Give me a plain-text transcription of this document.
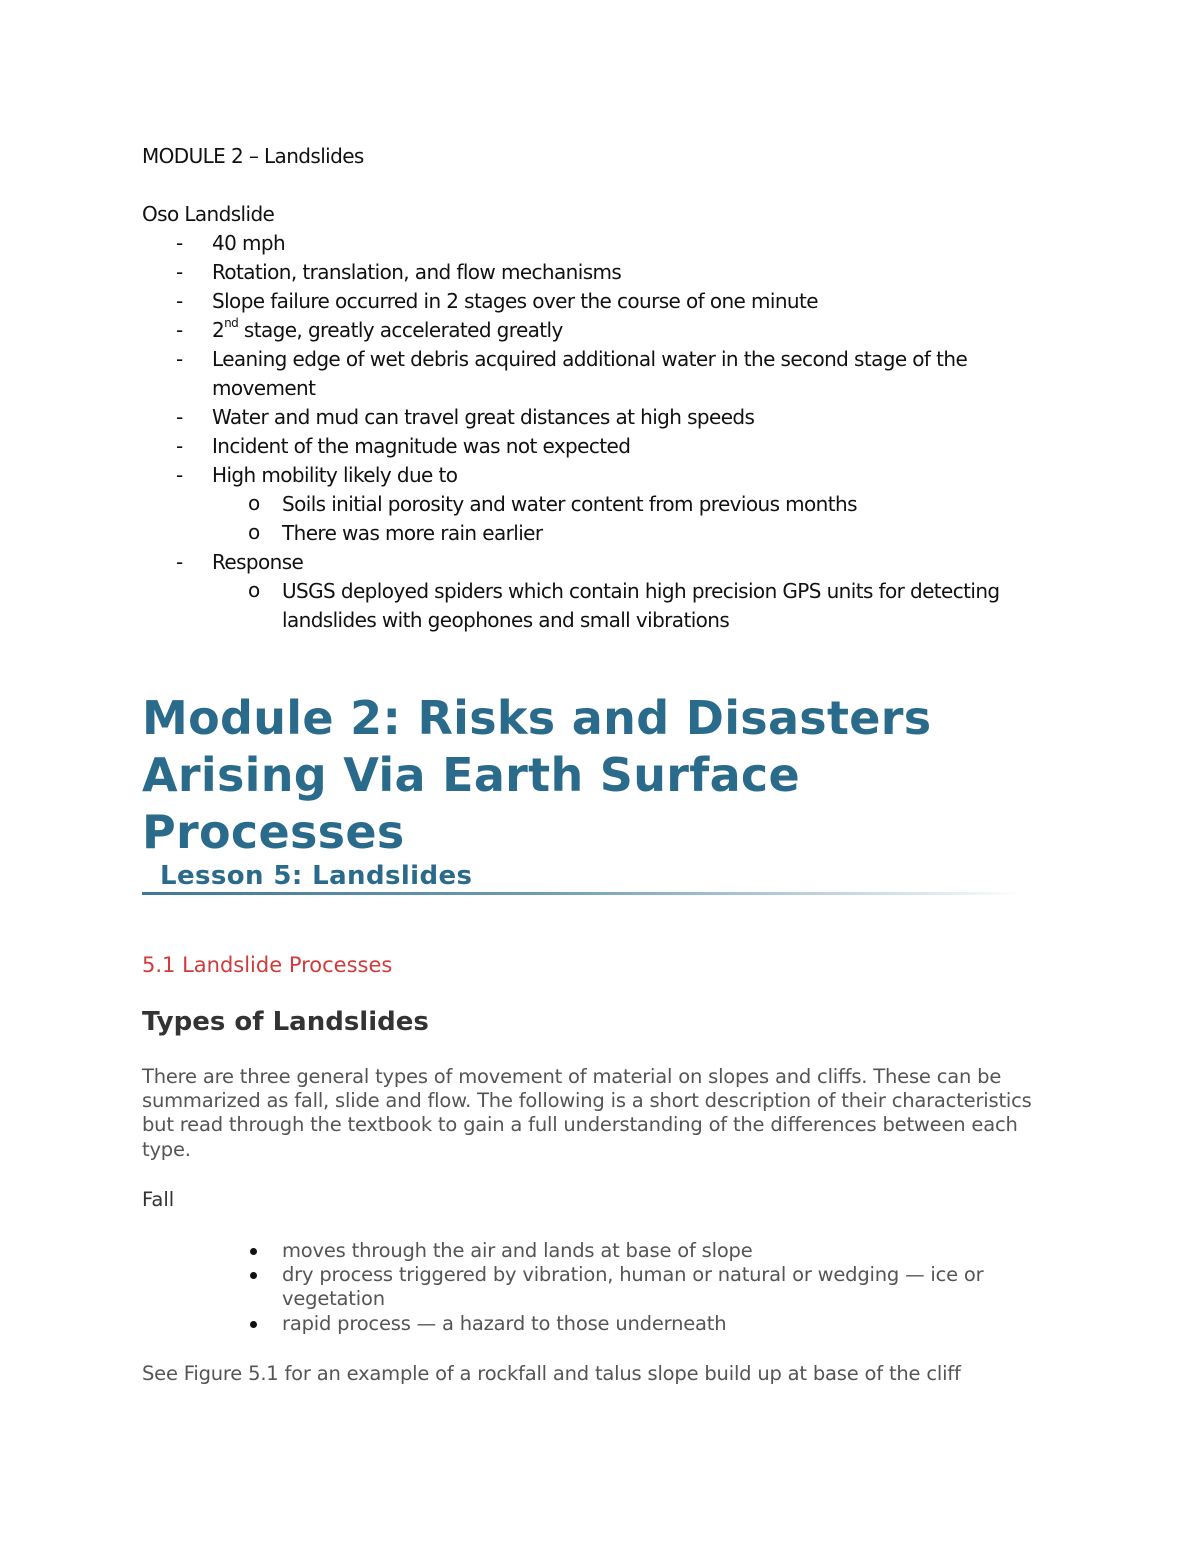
MODULE 2 – Landslides

Oso Landslide

- 40 mph
- Rotation, translation, and flow mechanisms
- Slope failure occurred in 2 stages over the course of one minute
- 2nd stage, greatly accelerated greatly
- Leaning edge of wet debris acquired additional water in the second stage of the movement
- Water and mud can travel great distances at high speeds
- Incident of the magnitude was not expected
- High mobility likely due to
o Soils initial porosity and water content from previous months
o There was more rain earlier
- Response
o USGS deployed spiders which contain high precision GPS units for detecting landslides with geophones and small vibrations
Module 2: Risks and Disasters Arising Via Earth Surface Processes
Lesson 5: Landslides
5.1 Landslide Processes
Types of Landslides

There are three general types of movement of material on slopes and cliffs. These can be summarized as fall, slide and flow. The following is a short description of their characteristics but read through the textbook to gain a full understanding of the differences between each type.

Fall

moves through the air and lands at base of slope
dry process triggered by vibration, human or natural or wedging — ice or vegetation
rapid process — a hazard to those underneath

See Figure 5.1 for an example of a rockfall and talus slope build up at base of the cliff
